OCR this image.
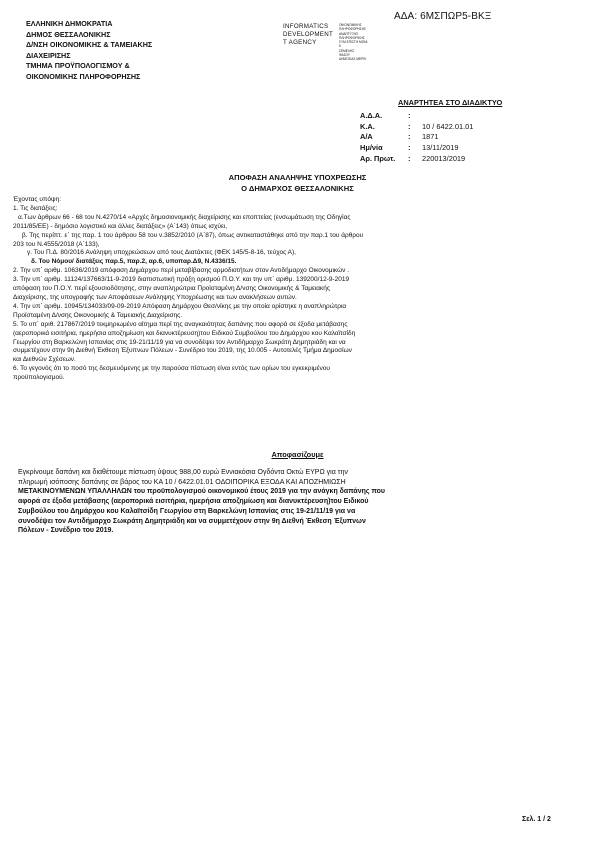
ΑΔΑ: 6ΜΣΠΩΡ5-ΒΚΞ
ΕΛΛΗΝΙΚΗ ΔΗΜΟΚΡΑΤΙΑ
ΔΗΜΟΣ ΘΕΣΣΑΛΟΝΙΚΗΣ
Δ/ΝΣΗ ΟΙΚΟΝΟΜΙΚΗΣ & ΤΑΜΕΙΑΚΗΣ
ΔΙΑΧΕΙΡΙΣΗΣ
ΤΜΗΜΑ ΠΡΟΫΠΟΛΟΓΙΣΜΟΥ &
ΟΙΚΟΝΟΜΙΚΗΣ ΠΛΗΡΟΦΟΡΗΣΗΣ
INFORMATICS
DEVELOPMENT
T AGENCY
ΟΙΚΟΝΟΜΙΚΗΣ
ΠΛΗΡΟΦΟΡΗΣΗΣ
ΑΝΑΠΤΥΞΗΣ
ΠΛΗΡΟΦΟΡΙΚΗΣ
ΣΥΜ ΕΠΙΣΤΗ ΜΟΝΙ Κ
ΣΕΜΕΛΗΣ
ΦΑΣΟΥ
ΔΗΜΟΣΙΑΣ ΜΕΡΙΚ
ΑΝΑΡΤΗΤΕΑ ΣΤΟ ΔΙΑΔΙΚΤΥΟ
Α.Δ.Α.	:
Κ.Α.	:	10 / 6422.01.01
Α/Α	:	1871
Ημ/νία	:	13/11/2019
Αρ. Πρωτ.	:	220013/2019
ΑΠΟΦΑΣΗ ΑΝΑΛΗΨΗΣ ΥΠΟΧΡΕΩΣΗΣ
Ο ΔΗΜΑΡΧΟΣ ΘΕΣΣΑΛΟΝΙΚΗΣ
Έχοντας υπόψη:
1. Τις διατάξεις:
α.Των άρθρων 66 - 68 του Ν.4270/14 «Αρχές δημοσιονομικής διαχείρισης και εποπτείας (ενσωμάτωση της Οδηγίας
2011/85/ΕΕ) - δημόσιο λογιστικό και άλλες διατάξεις» (Α΄143) όπως ισχύει,
β. Της περίπτ. ε΄ της παρ. 1 του άρθρου 58 του ν.3852/2010 (Α΄87), όπως αντικαταστάθηκε από την παρ.1 του άρθρου
203 του Ν.4555/2018 (Α΄133),
γ. Του Π.Δ. 80/2016 Ανάληψη υποχρεώσεων από τους Διατάκτες (ΦΕΚ 145/5-8-16, τεύχος Α),
δ. Του Νόμου/ διατάξεις παρ.5, παρ.2, αρ.6, υποπαρ.Δ9, Ν.4336/15.
2. Την υπ΄ αριθμ. 10636/2019 απόφαση Δημάρχου περί μεταβίβασης αρμοδιοτήτων στον Αντιδήμαρχο Οικονομικών .
3. Την υπ΄ αριθμ. 11124/137663/11-9-2019 διαπιστωτική πράξη ορισμού Π.Ο.Υ. και την υπ΄ αριθμ. 139200/12-9-2019
απόφαση του Π.Ο.Υ. περί εξουσιοδότησης, στην αναπληρώτρια Προϊσταμένη Δ/νσης Οικονομικής & Ταμειακής
Διαχείρισης, της υπογραφής των Αποφάσεων Ανάληψης Υποχρέωσης και των ανακλήσεων αυτών.
4. Την υπ΄ αριθμ. 10945/134033/09-09-2019 Απόφαση Δημάρχου Θεσ/νίκης με την οποία ορίστηκε η αναπληρώτρια
Προϊσταμένη Δ/νσης Οικονομικής & Ταμειακής Διαχείρισης.
5. Το υπ΄ αριθ. 217867/2019 τεκμηριωμένο αίτημα περί της αναγκαιότητας δαπάνης που αφορά σε έξοδα μετάβασης
(αεροπορικά εισιτήρια, ημερήσια αποζημίωση και διανυκτέρευση)του Ειδικού Συμβούλου του Δημάρχου κου Καλαϊτσίδη
Γεωργίου στη Βαρκελώνη Ισπανίας στις 19-21/11/19 για να συνοδέψει τον Αντιδήμαρχο Σωκράτη Δημητριάδη και να
συμμετέχουν στην 9η Διεθνή Έκθεση Έξυπνων Πόλεων - Συνέδριο του 2019, της 10.005 - Αυτοτελές Τμήμα Δημοσίων
και Διεθνών Σχέσεων.
6. Το γεγονός ότι το ποσό της δεσμευόμενης με την παρούσα πίστωση είναι εντός των ορίων του εγκεκριμένου
προϋπολογισμού.
Αποφασίζουμε
Εγκρίνουμε δαπάνη και διαθέτουμε πίστωση ύψους 988,00 ευρώ Εννιακόσια Ογδόντα Οκτώ ΕΥΡΩ για την
πληρωμή ισόποσης δαπάνης σε βάρος του ΚΑ 10 / 6422.01.01 ΟΔΟΙΠΟΡΙΚΑ ΕΞΟΔΑ ΚΑΙ ΑΠΟΖΗΜΙΩΣΗ
ΜΕΤΑΚΙΝΟΥΜΕΝΩΝ ΥΠΑΛΛΗΛΩΝ του προϋπολογισμού οικονομικού έτους 2019 για την ανάγκη δαπάνης που
αφορά σε έξοδα μετάβασης (αεροπορικά εισιτήρια, ημερήσια αποζημίωση και διανυκτέρευση)του Ειδικού
Συμβούλου του Δημάρχου κου Καλαϊτσίδη Γεωργίου στη Βαρκελώνη Ισπανίας στις 19-21/11/19 για να
συνοδέψει τον Αντιδήμαρχο Σωκράτη Δημητριάδη και να συμμετέχουν στην 9η Διεθνή Έκθεση Έξυπνων
Πόλεων - Συνέδριο του 2019.
Σελ. 1 / 2
